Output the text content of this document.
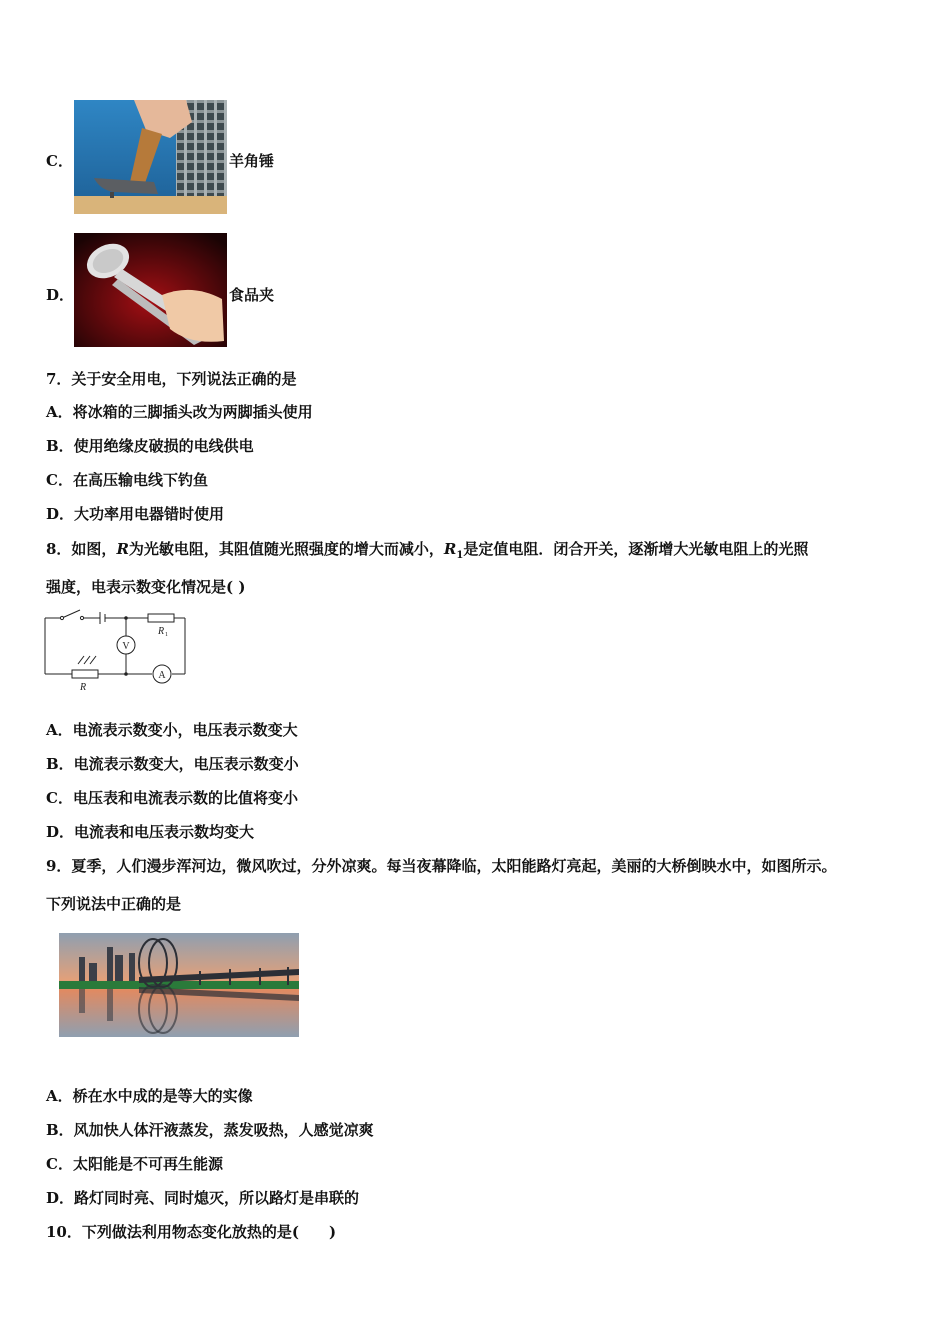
C．	羊角锤
D．	食品夹
7．关于安全用电，下列说法正确的是
A．将冰箱的三脚插头改为两脚插头使用
B．使用绝缘皮破损的电线供电
C．在高压输电线下钓鱼
D．大功率用电器错时使用
8．如图，R为光敏电阻，其阻值随光照强度的增大而减小，$R_1$是定值电阻．闭合开关，逐渐增大光敏电阻上的光照
强度，电表示数变化情况是( )
V
A
R 1
R
A．电流表示数变小，电压表示数变大
B．电流表示数变大，电压表示数变小
C．电压表和电流表示数的比值将变小
D．电流表和电压表示数均变大
9．夏季，人们漫步浑河边，微风吹过，分外凉爽。每当夜幕降临，太阳能路灯亮起，美丽的大桥倒映水中，如图所示。
下列说法中正确的是
A．桥在水中成的是等大的实像
B．风加快人体汗液蒸发，蒸发吸热，人感觉凉爽
C．太阳能是不可再生能源
D．路灯同时亮、同时熄灭，所以路灯是串联的
10．下列做法利用物态变化放热的是(　　)
